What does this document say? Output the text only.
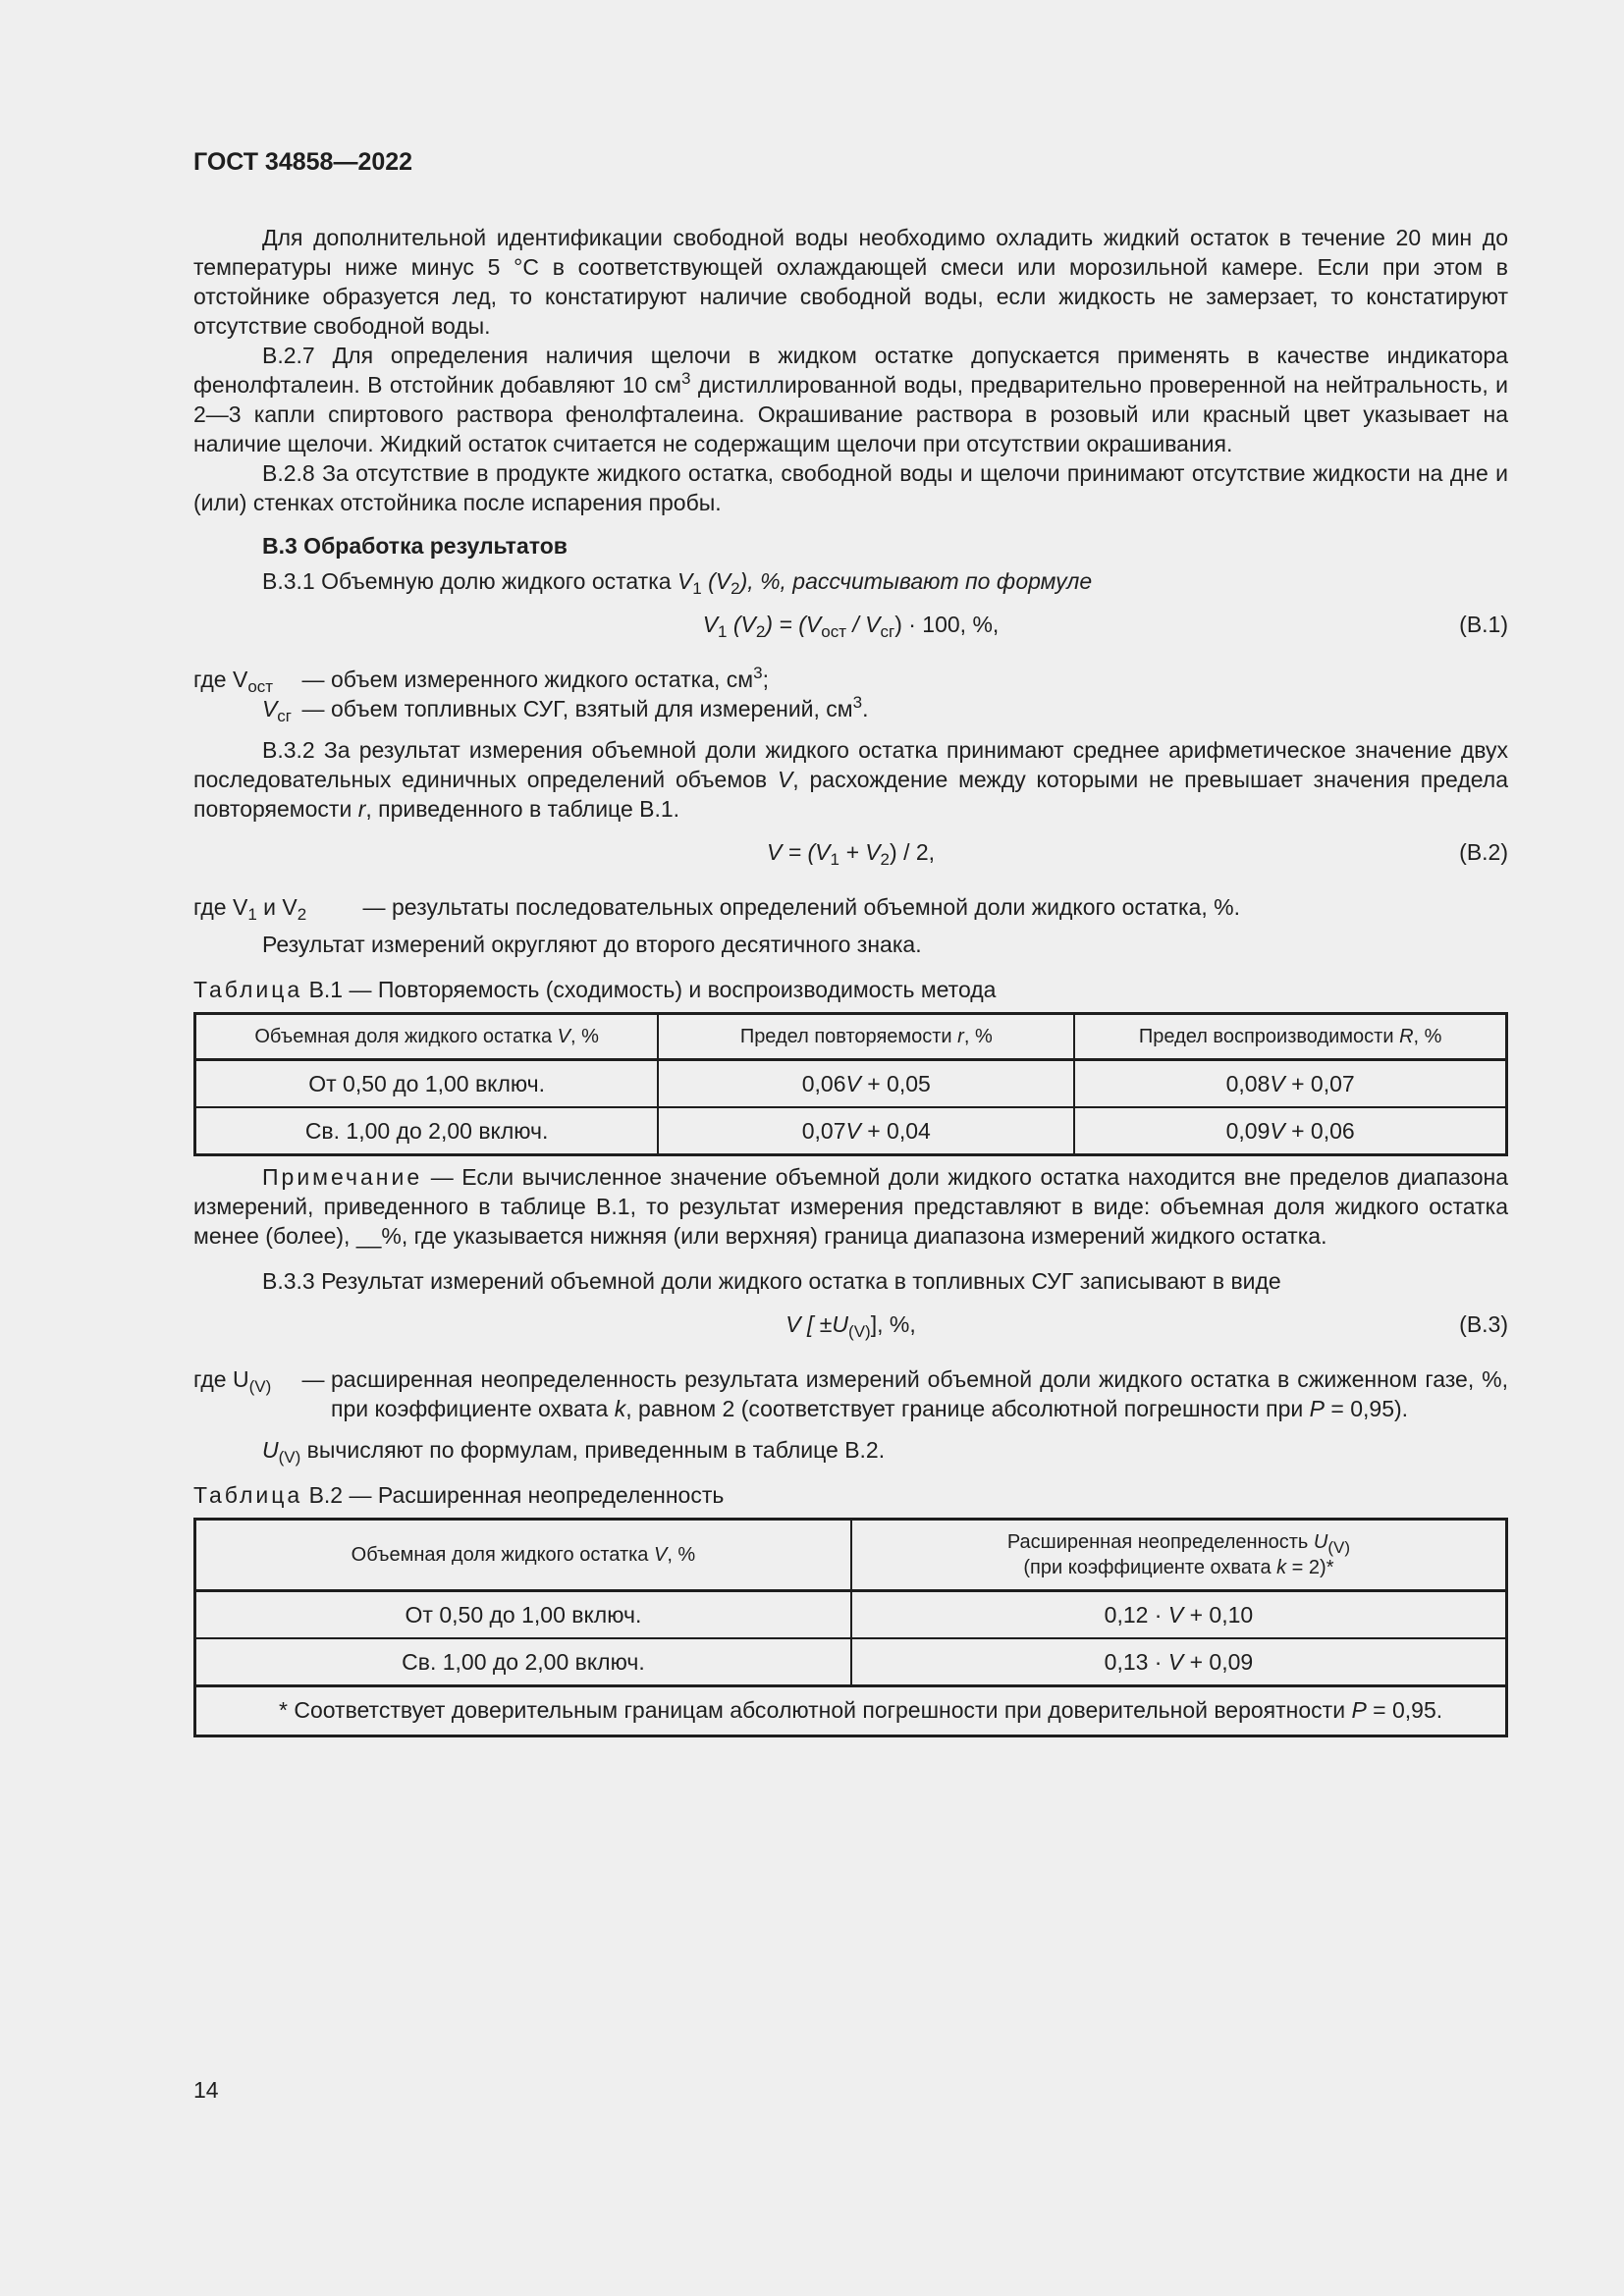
ГОСТ 34858—2022

Для дополнительной идентификации свободной воды необходимо охладить жидкий остаток в течение 20 мин до температуры ниже минус 5 °С в соответствующей охлаждающей смеси или морозильной камере. Если при этом в отстойнике образуется лед, то констатируют наличие свободной воды, если жидкость не замерзает, то констатируют отсутствие свободной воды.

В.2.7 Для определения наличия щелочи в жидком остатке допускается применять в качестве индикатора фенолфталеин. В отстойник добавляют 10 $см^3$ дистиллированной воды, предварительно проверенной на нейтральность, и 2—3 капли спиртового раствора фенолфталеина. Окрашивание раствора в розовый или красный цвет указывает на наличие щелочи. Жидкий остаток считается не содержащим щелочи при отсутствии окрашивания.

В.2.8 За отсутствие в продукте жидкого остатка, свободной воды и щелочи принимают отсутствие жидкости на дне и (или) стенках отстойника после испарения пробы.

В.3 Обработка результатов

В.3.1 Объемную долю жидкого остатка $V_1$ $(V_2)$, %, рассчитывают по формуле

$V_1$ $(V_2) = (V_{ост} / V_{сг}) \cdot 100$, %,	(В.1)
где $V_{ост}$	— объем измеренного жидкого остатка, $см^3$;
$V_{сг}$ — объем топливных СУГ, взятый для измерений, $см^3$.

В.3.2 За результат измерения объемной доли жидкого остатка принимают среднее арифметическое значение двух последовательных единичных определений объемов V, расхождение между которыми не превышает значения предела повторяемости r, приведенного в таблице В.1.

$V = (V_1 + V_2) / 2$,	(В.2)
где $V_1$ и $V_2$	— результаты последовательных определений объемной доли жидкого остатка, %.

Результат измерений округляют до второго десятичного знака.

Таблица В.1 — Повторяемость (сходимость) и воспроизводимость метода

Объемная доля жидкого остатка V, %	Предел повторяемости r, %	Предел воспроизводимости R, %
От 0,50 до 1,00 включ.	0,06V + 0,05	0,08V + 0,07
Св. 1,00 до 2,00 включ.	0,07V + 0,04	0,09V + 0,06

Примечание — Если вычисленное значение объемной доли жидкого остатка находится вне пределов диапазона измерений, приведенного в таблице В.1, то результат измерения представляют в виде: объемная доля жидкого остатка менее (более), __%, где указывается нижняя (или верхняя) граница диапазона измерений жидкого остатка.

В.3.3 Результат измерений объемной доли жидкого остатка в топливных СУГ записывают в виде

V [ $\pm U_{(V)}$], %,	(В.3)
где $U_{(V)}$	— расширенная неопределенность результата измерений объемной доли жидкого остатка в сжиженном газе, %, при коэффициенте охвата k, равном 2 (соответствует границе абсолютной погрешности при P = 0,95).

$U_{(V)}$ вычисляют по формулам, приведенным в таблице В.2.

Таблица В.2 — Расширенная неопределенность

Объемная доля жидкого остатка V, %	Расширенная неопределенность $U_{(V)}$
(при коэффициенте охвата k = 2)*
От 0,50 до 1,00 включ.	0,12 · V + 0,10
Св. 1,00 до 2,00 включ.	0,13 · V + 0,09
* Соответствует доверительным границам абсолютной погрешности при доверительной вероятности P = 0,95.	
14
